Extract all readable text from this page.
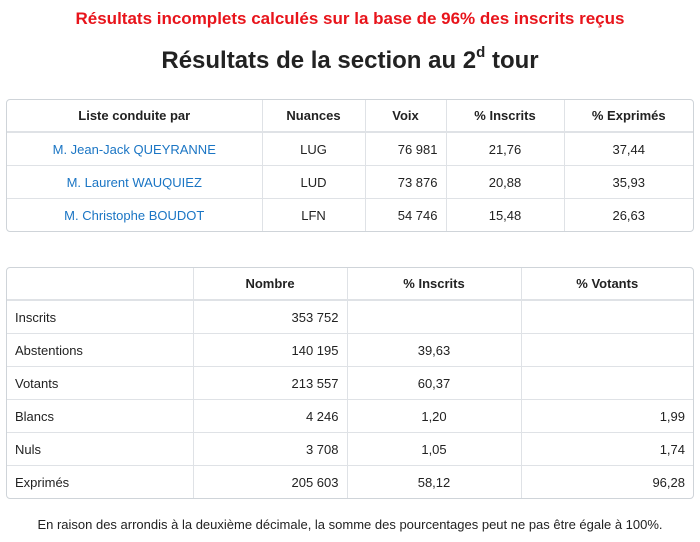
Résultats incomplets calculés sur la base de 96% des inscrits reçus
Résultats de la section au 2$^d$ tour
Liste conduite par	Nuances	Voix	% Inscrits	% Exprimés
M. Jean-Jack QUEYRANNE	LUG	76 981	21,76	37,44
M. Laurent WAUQUIEZ	LUD	73 876	20,88	35,93
M. Christophe BOUDOT	LFN	54 746	15,48	26,63
	Nombre	% Inscrits	% Votants
Inscrits	353 752		
Abstentions	140 195	39,63	
Votants	213 557	60,37	
Blancs	4 246	1,20	1,99
Nuls	3 708	1,05	1,74
Exprimés	205 603	58,12	96,28
En raison des arrondis à la deuxième décimale, la somme des pourcentages peut ne pas être égale à 100%.
